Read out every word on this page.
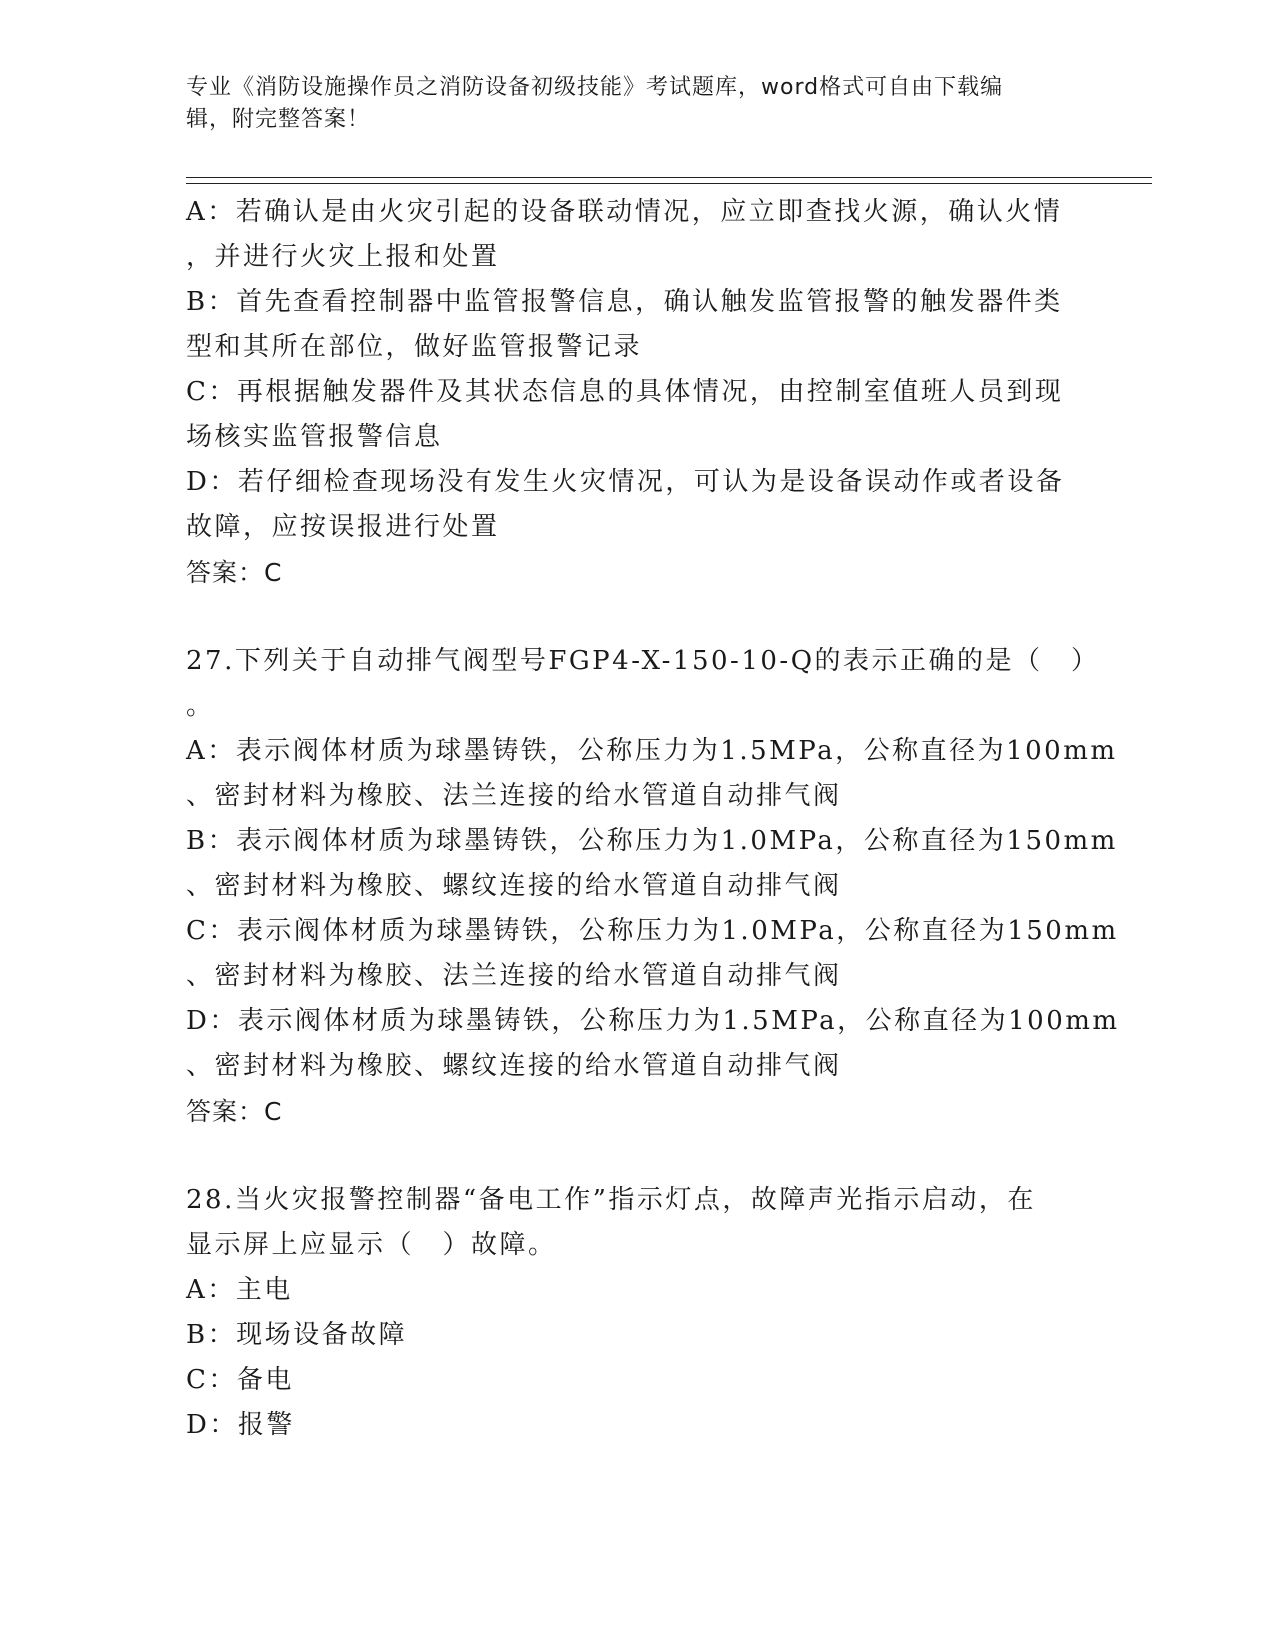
专业《消防设施操作员之消防设备初级技能》考试题库，word格式可自由下载编
辑，附完整答案！
A：若确认是由火灾引起的设备联动情况，应立即查找火源，确认火情
，并进行火灾上报和处置
B：首先查看控制器中监管报警信息，确认触发监管报警的触发器件类
型和其所在部位，做好监管报警记录
C：再根据触发器件及其状态信息的具体情况，由控制室值班人员到现
场核实监管报警信息
D：若仔细检查现场没有发生火灾情况，可认为是设备误动作或者设备
故障，应按误报进行处置
答案：C
27.下列关于自动排气阀型号FGP4-X-150-10-Q的表示正确的是（　）
。
A：表示阀体材质为球墨铸铁，公称压力为1.5MPa，公称直径为100mm
、密封材料为橡胶、法兰连接的给水管道自动排气阀
B：表示阀体材质为球墨铸铁，公称压力为1.0MPa，公称直径为150mm
、密封材料为橡胶、螺纹连接的给水管道自动排气阀
C：表示阀体材质为球墨铸铁，公称压力为1.0MPa，公称直径为150mm
、密封材料为橡胶、法兰连接的给水管道自动排气阀
D：表示阀体材质为球墨铸铁，公称压力为1.5MPa，公称直径为100mm
、密封材料为橡胶、螺纹连接的给水管道自动排气阀
答案：C
28.当火灾报警控制器“备电工作”指示灯点，故障声光指示启动，在
显示屏上应显示（　）故障。
A：主电
B：现场设备故障
C：备电
D：报警
